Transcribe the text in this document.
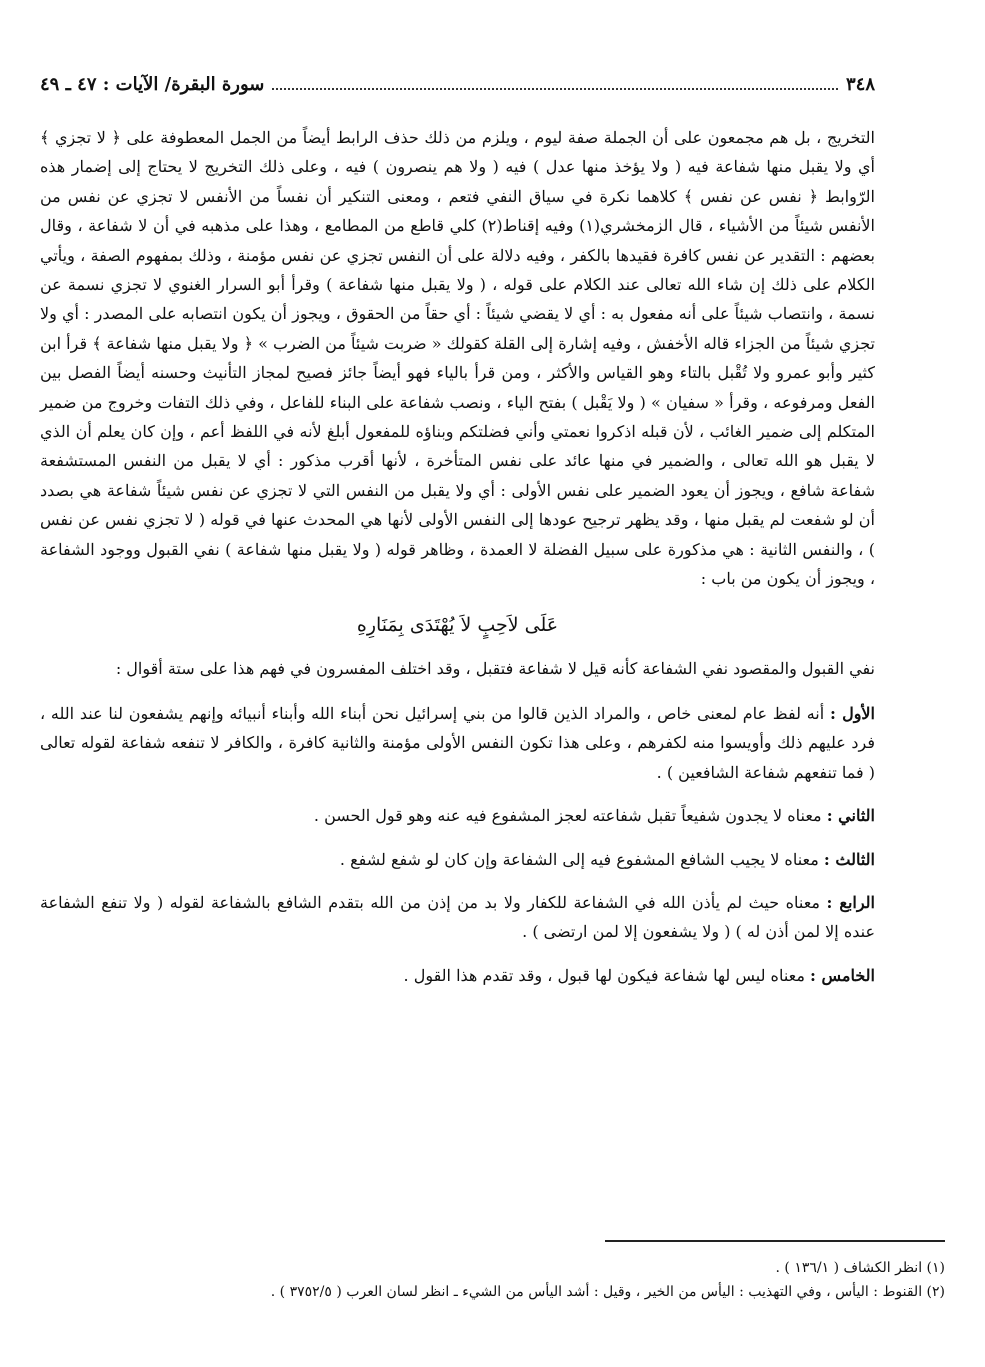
٣٤٨
سورة البقرة/ الآيات : ٤٧ ـ ٤٩

التخريج ، بل هم مجمعون على أن الجملة صفة ليوم ، ويلزم من ذلك حذف الرابط أيضاً من الجمل المعطوفة على ﴿ لا تجزي ﴾ أي ولا يقبل منها شفاعة فيه ( ولا يؤخذ منها عدل ) فيه ( ولا هم ينصرون ) فيه ، وعلى ذلك التخريج لا يحتاج إلى إضمار هذه الرّوابط ﴿ نفس عن نفس ﴾ كلاهما نكرة في سياق النفي فتعم ، ومعنى التنكير أن نفساً من الأنفس لا تجزي عن نفس من الأنفس شيئاً من الأشياء ، قال الزمخشري(١) وفيه إقناط(٢) كلي قاطع من المطامع ، وهذا على مذهبه في أن لا شفاعة ، وقال بعضهم : التقدير عن نفس كافرة فقيدها بالكفر ، وفيه دلالة على أن النفس تجزي عن نفس مؤمنة ، وذلك بمفهوم الصفة ، ويأتي الكلام على ذلك إن شاء الله تعالى عند الكلام على قوله ، ( ولا يقبل منها شفاعة ) وقرأ أبو السرار الغنوي لا تجزي نسمة عن نسمة ، وانتصاب شيئاً على أنه مفعول به : أي لا يقضي شيئاً : أي حقاً من الحقوق ، ويجوز أن يكون انتصابه على المصدر : أي ولا تجزي شيئاً من الجزاء قاله الأخفش ، وفيه إشارة إلى القلة كقولك « ضربت شيئاً من الضرب » ﴿ ولا يقبل منها شفاعة ﴾ قرأ ابن كثير وأبو عمرو ولا تُقْبل بالتاء وهو القياس والأكثر ، ومن قرأ بالياء فهو أيضاً جائز فصيح لمجاز التأنيث وحسنه أيضاً الفصل بين الفعل ومرفوعه ، وقرأ « سفيان » ( ولا يَقْبل ) بفتح الياء ، ونصب شفاعة على البناء للفاعل ، وفي ذلك التفات وخروج من ضمير المتكلم إلى ضمير الغائب ، لأن قبله اذكروا نعمتي وأني فضلتكم وبناؤه للمفعول أبلغ لأنه في اللفظ أعم ، وإن كان يعلم أن الذي لا يقبل هو الله تعالى ، والضمير في منها عائد على نفس المتأخرة ، لأنها أقرب مذكور : أي لا يقبل من النفس المستشفعة شفاعة شافع ، ويجوز أن يعود الضمير على نفس الأولى : أي ولا يقبل من النفس التي لا تجزي عن نفس شيئاً شفاعة هي بصدد أن لو شفعت لم يقبل منها ، وقد يظهر ترجيح عودها إلى النفس الأولى لأنها هي المحدث عنها في قوله ( لا تجزي نفس عن نفس ) ، والنفس الثانية : هي مذكورة على سبيل الفضلة لا العمدة ، وظاهر قوله ( ولا يقبل منها شفاعة ) نفي القبول ووجود الشفاعة ، ويجوز أن يكون من باب :

عَلَى لاَحِبٍ لاَ يُهْتَدَى بِمَنَارِهِ

نفي القبول والمقصود نفي الشفاعة كأنه قيل لا شفاعة فتقبل ، وقد اختلف المفسرون في فهم هذا على ستة أقوال :

الأول : أنه لفظ عام لمعنى خاص ، والمراد الذين قالوا من بني إسرائيل نحن أبناء الله وأبناء أنبيائه وإنهم يشفعون لنا عند الله ، فرد عليهم ذلك وأويسوا منه لكفرهم ، وعلى هذا تكون النفس الأولى مؤمنة والثانية كافرة ، والكافر لا تنفعه شفاعة لقوله تعالى ( فما تنفعهم شفاعة الشافعين ) .

الثاني : معناه لا يجدون شفيعاً تقبل شفاعته لعجز المشفوع فيه عنه وهو قول الحسن .

الثالث : معناه لا يجيب الشافع المشفوع فيه إلى الشفاعة وإن كان لو شفع لشفع .

الرابع : معناه حيث لم يأذن الله في الشفاعة للكفار ولا بد من إذن من الله بتقدم الشافع بالشفاعة لقوله ( ولا تنفع الشفاعة عنده إلا لمن أذن له ) ( ولا يشفعون إلا لمن ارتضى ) .

الخامس : معناه ليس لها شفاعة فيكون لها قبول ، وقد تقدم هذا القول .

(١) انظر الكشاف ( ١٣٦/١ ) .
(٢) القنوط : اليأس ، وفي التهذيب : اليأس من الخير ، وقيل : أشد اليأس من الشيء ـ انظر لسان العرب ( ٣٧٥٢/٥ ) .
